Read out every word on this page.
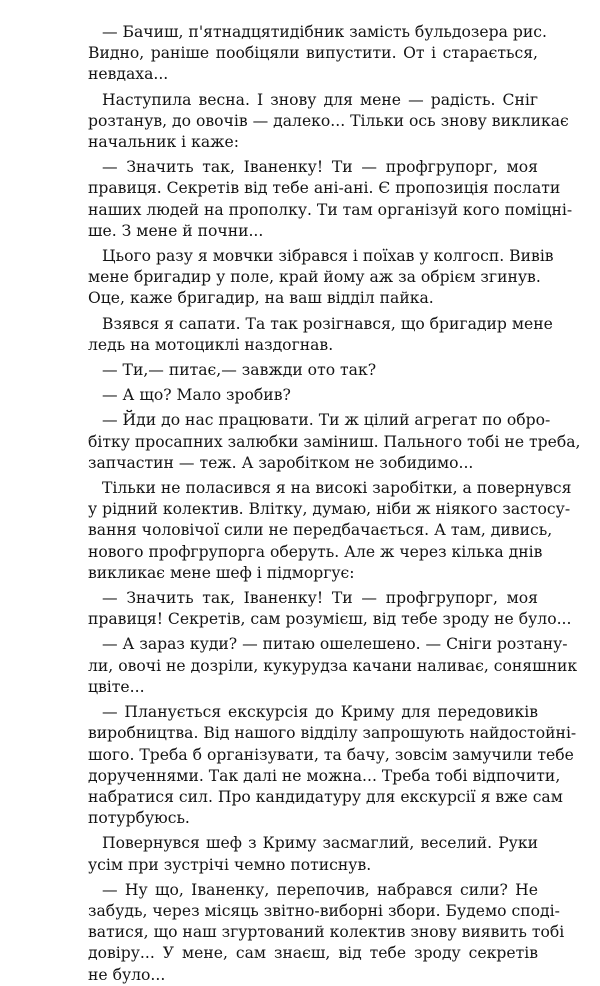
— Бачиш, п'ятнадцятидібник замість бульдозера рис.
Видно, раніше пообіцяли випустити. От і старається,
невдаха...
Наступила весна. І знову для мене — радість. Сніг
розтанув, до овочів — далеко... Тільки ось знову викликає
начальник і каже:
— Значить так, Іваненку! Ти — профгрупорг, моя
правиця. Секретів від тебе ані-ані. Є пропозиція послати
наших людей на прополку. Ти там організуй кого поміцні-
ше. З мене й почни...
Цього разу я мовчки зібрався і поїхав у колгосп. Вивів
мене бригадир у поле, край йому аж за обрієм згинув.
Оце, каже бригадир, на ваш відділ пайка.
Взявся я сапати. Та так розігнався, що бригадир мене
ледь на мотоциклі наздогнав.
— Ти,— питає,— завжди ото так?
— А що? Мало зробив?
— Йди до нас працювати. Ти ж цілий агрегат по обро-
бітку просапних залюбки заміниш. Пального тобі не треба,
запчастин — теж. А заробітком не зобидимо...
Тільки не поласився я на високі заробітки, а повернувся
у рідний колектив. Влітку, думаю, ніби ж ніякого застосу-
вання чоловічої сили не передбачається. А там, дивись,
нового профгрупорга оберуть. Але ж через кілька днів
викликає мене шеф і підморгує:
— Значить так, Іваненку! Ти — профгрупорг, моя
правиця! Секретів, сам розумієш, від тебе зроду не було...
— А зараз куди? — питаю ошелешено. — Сніги розтану-
ли, овочі не дозріли, кукурудза качани наливає, соняшник
цвіте...
— Планується екскурсія до Криму для передовиків
виробництва. Від нашого відділу запрошують найдостойні-
шого. Треба б організувати, та бачу, зовсім замучили тебе
дорученнями. Так далі не можна... Треба тобі відпочити,
набратися сил. Про кандидатуру для екскурсії я вже сам
потурбуюсь.
Повернувся шеф з Криму засмаглий, веселий. Руки
усім при зустрічі чемно потиснув.
— Ну що, Іваненку, перепочив, набрався сили? Не
забудь, через місяць звітно-виборні збори. Будемо сподi-
ватися, що наш згуртований колектив знову виявить тобі
довіру... У мене, сам знаєш, від тебе зроду секретів
не було...
